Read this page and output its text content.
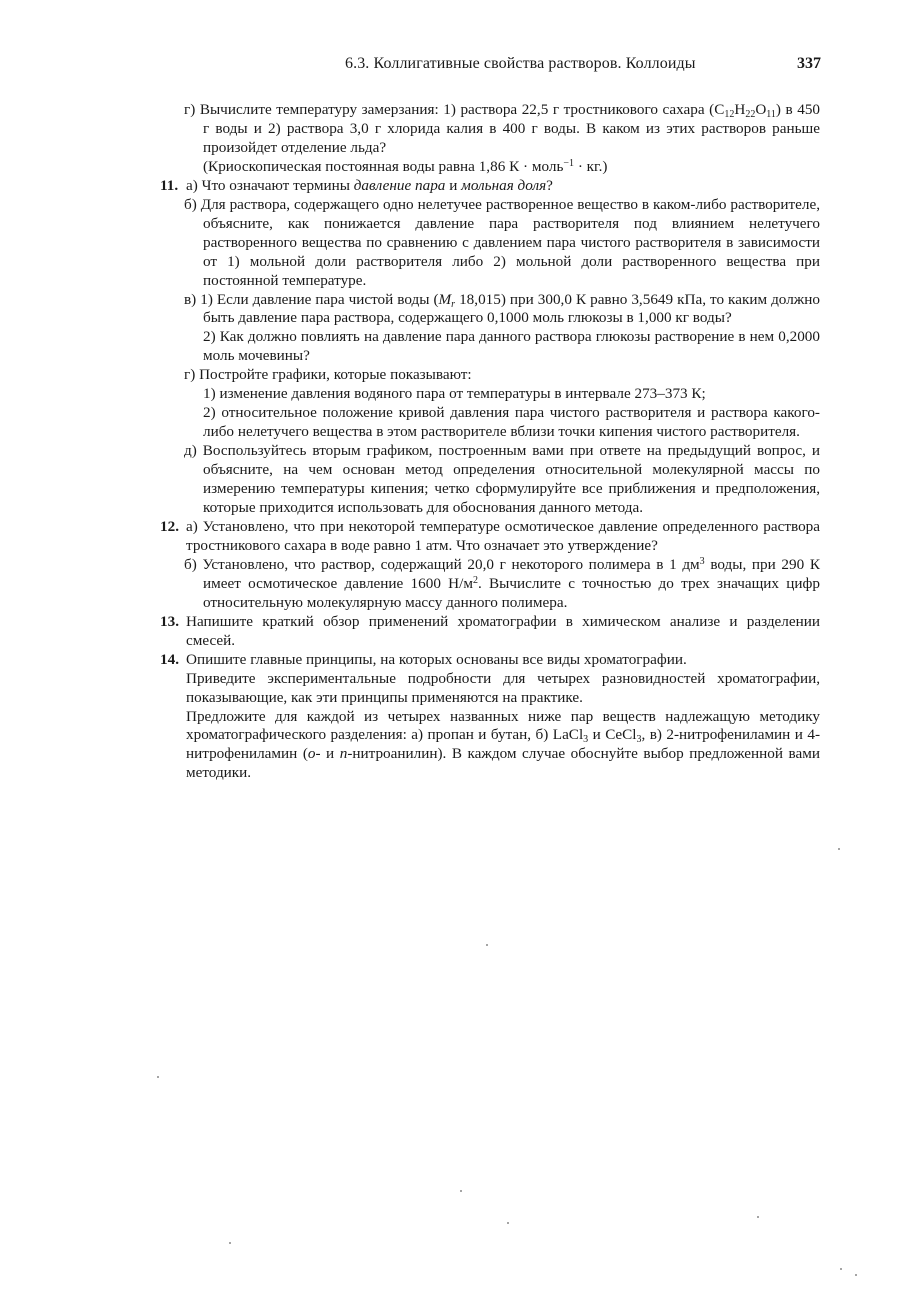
6.3. Коллигативные свойства растворов. Коллоиды	337

г) Вычислите температуру замерзания: 1) раствора 22,5 г тростникового сахара $(C_{12}H_{22}O_{11})$ в 450 г воды и 2) раствора 3,0 г хлорида калия в 400 г воды. В каком из этих растворов раньше произойдет отделение льда?

(Криоскопическая постоянная воды равна 1,86 К · моль$^{-1}$ · кг.)

11. а) Что означают термины давление пара и мольная доля?

б) Для раствора, содержащего одно нелетучее растворенное вещество в каком-либо растворителе, объясните, как понижается давление пара растворителя под влиянием нелетучего растворенного вещества по сравнению с давлением пара чистого растворителя в зависимости от 1) мольной доли растворителя либо 2) мольной доли растворенного вещества при постоянной температуре.

в) 1) Если давление пара чистой воды ($M_r$ 18,015) при 300,0 К равно 3,5649 кПа, то каким должно быть давление пара раствора, содержащего 0,1000 моль глюкозы в 1,000 кг воды?

2) Как должно повлиять на давление пара данного раствора глюкозы растворение в нем 0,2000 моль мочевины?

г) Постройте графики, которые показывают:

1) изменение давления водяного пара от температуры в интервале 273–373 К;

2) относительное положение кривой давления пара чистого растворителя и раствора какого-либо нелетучего вещества в этом растворителе вблизи точки кипения чистого растворителя.

д) Воспользуйтесь вторым графиком, построенным вами при ответе на предыдущий вопрос, и объясните, на чем основан метод определения относительной молекулярной массы по измерению температуры кипения; четко сформулируйте все приближения и предположения, которые приходится использовать для обоснования данного метода.

12. а) Установлено, что при некоторой температуре осмотическое давление определенного раствора тростникового сахара в воде равно 1 атм. Что означает это утверждение?

б) Установлено, что раствор, содержащий 20,0 г некоторого полимера в 1 $дм^3$ воды, при 290 К имеет осмотическое давление 1600 $Н/м^2$. Вычислите с точностью до трех значащих цифр относительную молекулярную массу данного полимера.

13. Напишите краткий обзор применений хроматографии в химическом анализе и разделении смесей.

14. Опишите главные принципы, на которых основаны все виды хроматографии.

Приведите экспериментальные подробности для четырех разновидностей хроматографии, показывающие, как эти принципы применяются на практике.

Предложите для каждой из четырех названных ниже пар веществ надлежащую методику хроматографического разделения: а) пропан и бутан, б) LaCl$_3$ и CeCl$_3$, в) 2-нитрофениламин и 4-нитрофениламин (о- и n-нитроанилин). В каждом случае обоснуйте выбор предложенной вами методики.
